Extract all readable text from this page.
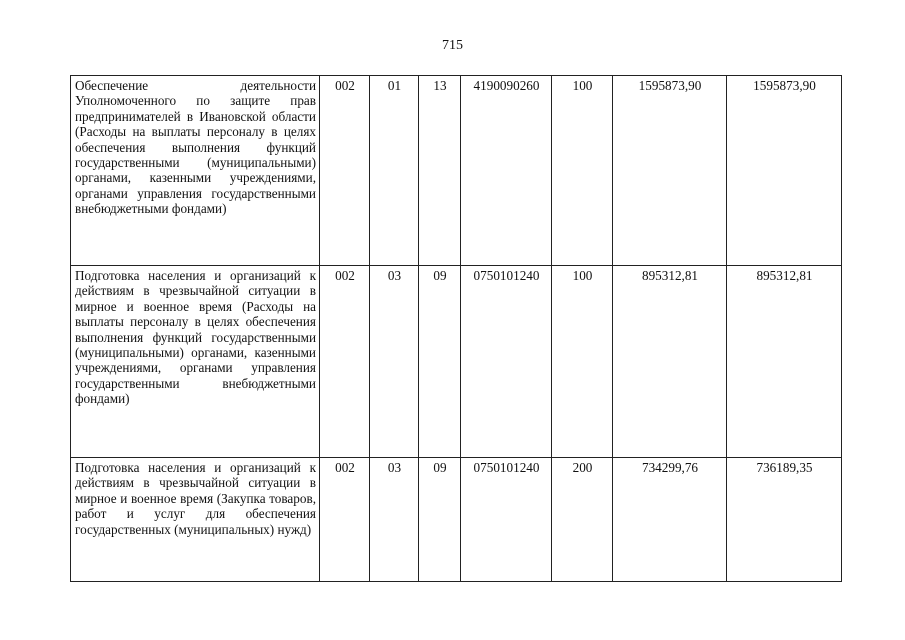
715
Обеспечение деятельности Уполномоченного по защите прав предпринимателей в Ивановской области (Расходы на выплаты персоналу в целях обеспечения выполнения функций государственными (муниципальными) органами, казенными учреждениями, органами управления государственными внебюджетными фондами)	002	01	13	4190090260	100	1595873,90	1595873,90
Подготовка населения и организаций к действиям в чрезвычайной ситуации в мирное и военное время (Расходы на выплаты персоналу в целях обеспечения выполнения функций государственными (муниципальными) органами, казенными учреждениями, органами управления государственными внебюджетными фондами)	002	03	09	0750101240	100	895312,81	895312,81
Подготовка населения и организаций к действиям в чрезвычайной ситуации в мирное и военное время (Закупка товаров, работ и услуг для обеспечения государственных (муниципальных) нужд)	002	03	09	0750101240	200	734299,76	736189,35
